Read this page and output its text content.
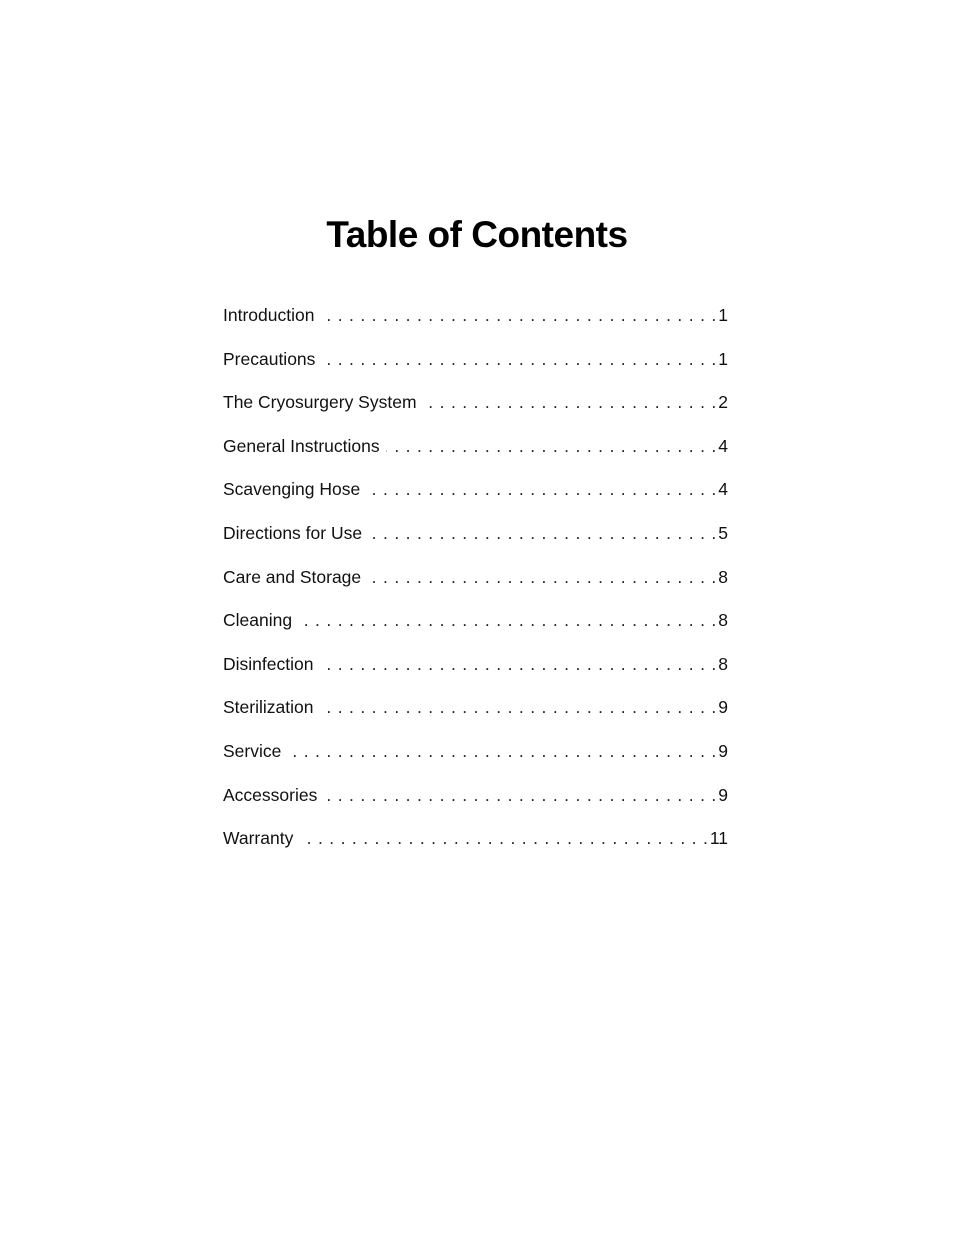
Table of Contents
Introduction . . .	1
Precautions . . .	1
The Cryosurgery System . . .	2
General Instructions . . .	4
Scavenging Hose . . .	4
Directions for Use . . .	5
Care and Storage . . .	8
Cleaning . . .	8
Disinfection . . .	8
Sterilization . . .	9
Service . . .	9
Accessories . . .	9
Warranty . . .	11
